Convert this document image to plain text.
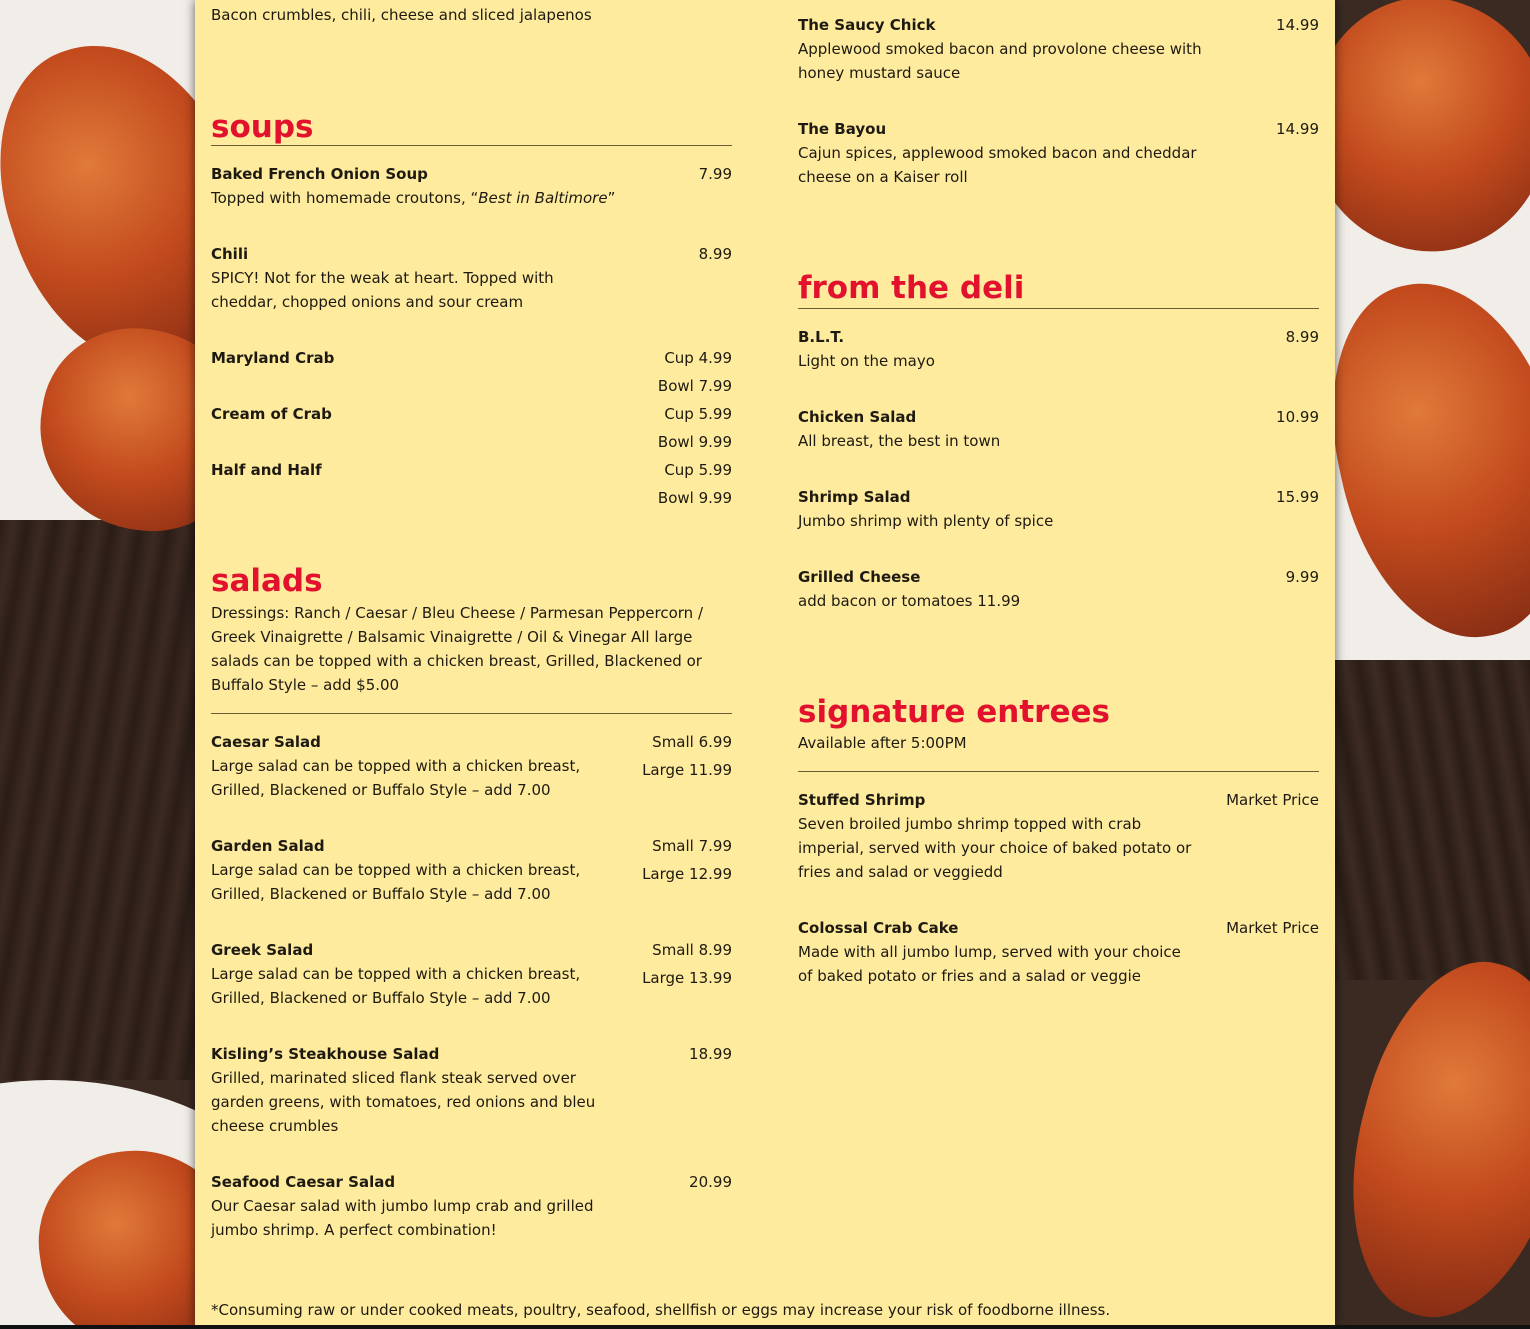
Bacon crumbles, chili, cheese and sliced jalapenos
soups
Baked French Onion Soup	7.99
Topped with homemade croutons, “Best in Baltimore”
Chili	8.99
SPICY! Not for the weak at heart. Topped with cheddar, chopped onions and sour cream
Maryland Crab	Cup 4.99
Bowl 7.99
Cream of Crab	Cup 5.99
Bowl 9.99
Half and Half	Cup 5.99
Bowl 9.99
salads
Dressings: Ranch / Caesar / Bleu Cheese / Parmesan Peppercorn / Greek Vinaigrette / Balsamic Vinaigrette / Oil & Vinegar All large salads can be topped with a chicken breast, Grilled, Blackened or Buffalo Style – add $5.00
Caesar Salad	Small 6.99
Large 11.99
Large salad can be topped with a chicken breast, Grilled, Blackened or Buffalo Style – add 7.00
Garden Salad	Small 7.99
Large 12.99
Large salad can be topped with a chicken breast, Grilled, Blackened or Buffalo Style – add 7.00
Greek Salad	Small 8.99
Large 13.99
Large salad can be topped with a chicken breast, Grilled, Blackened or Buffalo Style – add 7.00
Kisling’s Steakhouse Salad	18.99
Grilled, marinated sliced flank steak served over garden greens, with tomatoes, red onions and bleu cheese crumbles
Seafood Caesar Salad	20.99
Our Caesar salad with jumbo lump crab and grilled jumbo shrimp. A perfect combination!
The Saucy Chick	14.99
Applewood smoked bacon and provolone cheese with honey mustard sauce
The Bayou	14.99
Cajun spices, applewood smoked bacon and cheddar cheese on a Kaiser roll
from the deli
B.L.T.	8.99
Light on the mayo
Chicken Salad	10.99
All breast, the best in town
Shrimp Salad	15.99
Jumbo shrimp with plenty of spice
Grilled Cheese	9.99
add bacon or tomatoes 11.99
signature entrees
Available after 5:00PM
Stuffed Shrimp	Market Price
Seven broiled jumbo shrimp topped with crab imperial, served with your choice of baked potato or fries and salad or veggiedd
Colossal Crab Cake	Market Price
Made with all jumbo lump, served with your choice of baked potato or fries and a salad or veggie
*Consuming raw or under cooked meats, poultry, seafood, shellfish or eggs may increase your risk of foodborne illness.
